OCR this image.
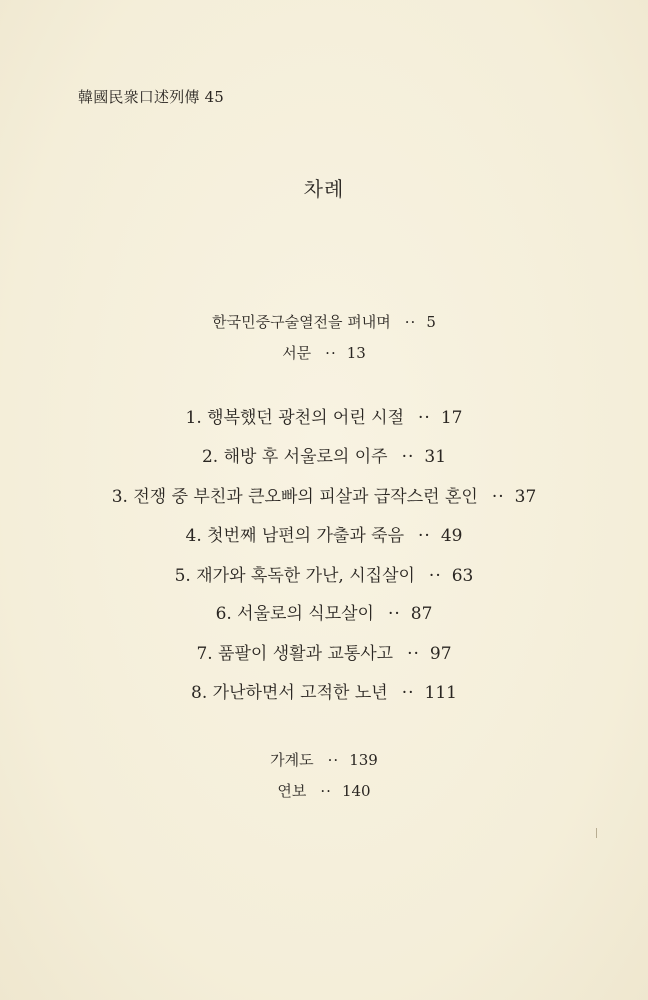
韓國民衆口述列傳 45
차례
한국민중구술열전을 펴내며 ·· 5
서문 ·· 13
1. 행복했던 광천의 어린 시절 ·· 17
2. 해방 후 서울로의 이주 ·· 31
3. 전쟁 중 부친과 큰오빠의 피살과 급작스런 혼인 ·· 37
4. 첫번째 남편의 가출과 죽음 ·· 49
5. 재가와 혹독한 가난, 시집살이 ·· 63
6. 서울로의 식모살이 ·· 87
7. 품팔이 생활과 교통사고 ·· 97
8. 가난하면서 고적한 노년 ·· 111
가계도 ·· 139
연보 ·· 140
